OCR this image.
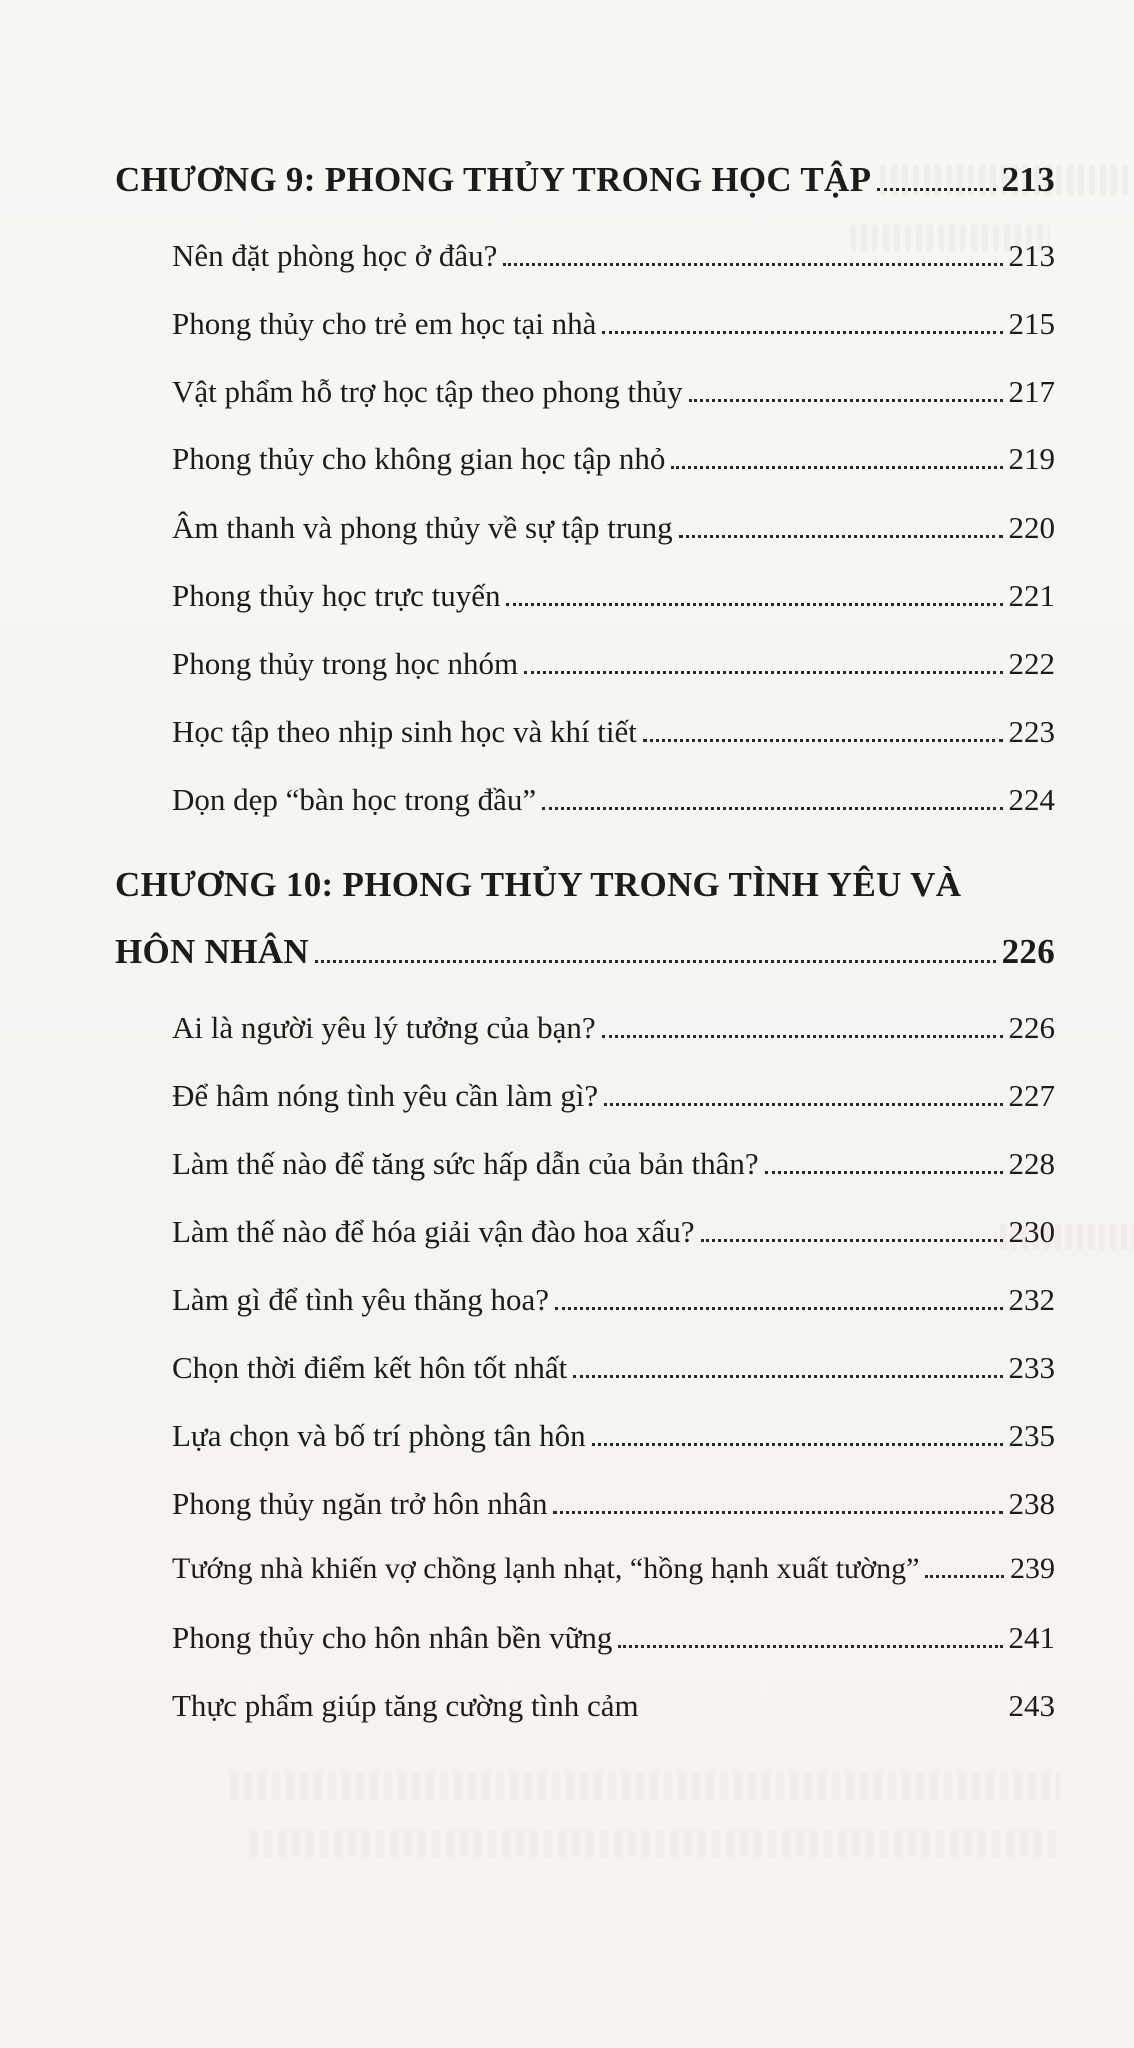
CHƯƠNG 9: PHONG THỦY TRONG HỌC TẬP	213
Nên đặt phòng học ở đâu?	213
Phong thủy cho trẻ em học tại nhà	215
Vật phẩm hỗ trợ học tập theo phong thủy	217
Phong thủy cho không gian học tập nhỏ	219
Âm thanh và phong thủy về sự tập trung	220
Phong thủy học trực tuyến	221
Phong thủy trong học nhóm	222
Học tập theo nhịp sinh học và khí tiết	223
Dọn dẹp “bàn học trong đầu”	224
CHƯƠNG 10: PHONG THỦY TRONG TÌNH YÊU VÀ
HÔN NHÂN	226
Ai là người yêu lý tưởng của bạn?	226
Để hâm nóng tình yêu cần làm gì?	227
Làm thế nào để tăng sức hấp dẫn của bản thân?	228
Làm thế nào để hóa giải vận đào hoa xấu?	230
Làm gì để tình yêu thăng hoa?	232
Chọn thời điểm kết hôn tốt nhất	233
Lựa chọn và bố trí phòng tân hôn	235
Phong thủy ngăn trở hôn nhân	238
Tướng nhà khiến vợ chồng lạnh nhạt, “hồng hạnh xuất tường”	239
Phong thủy cho hôn nhân bền vững	241
Thực phẩm giúp tăng cường tình cảm	243
